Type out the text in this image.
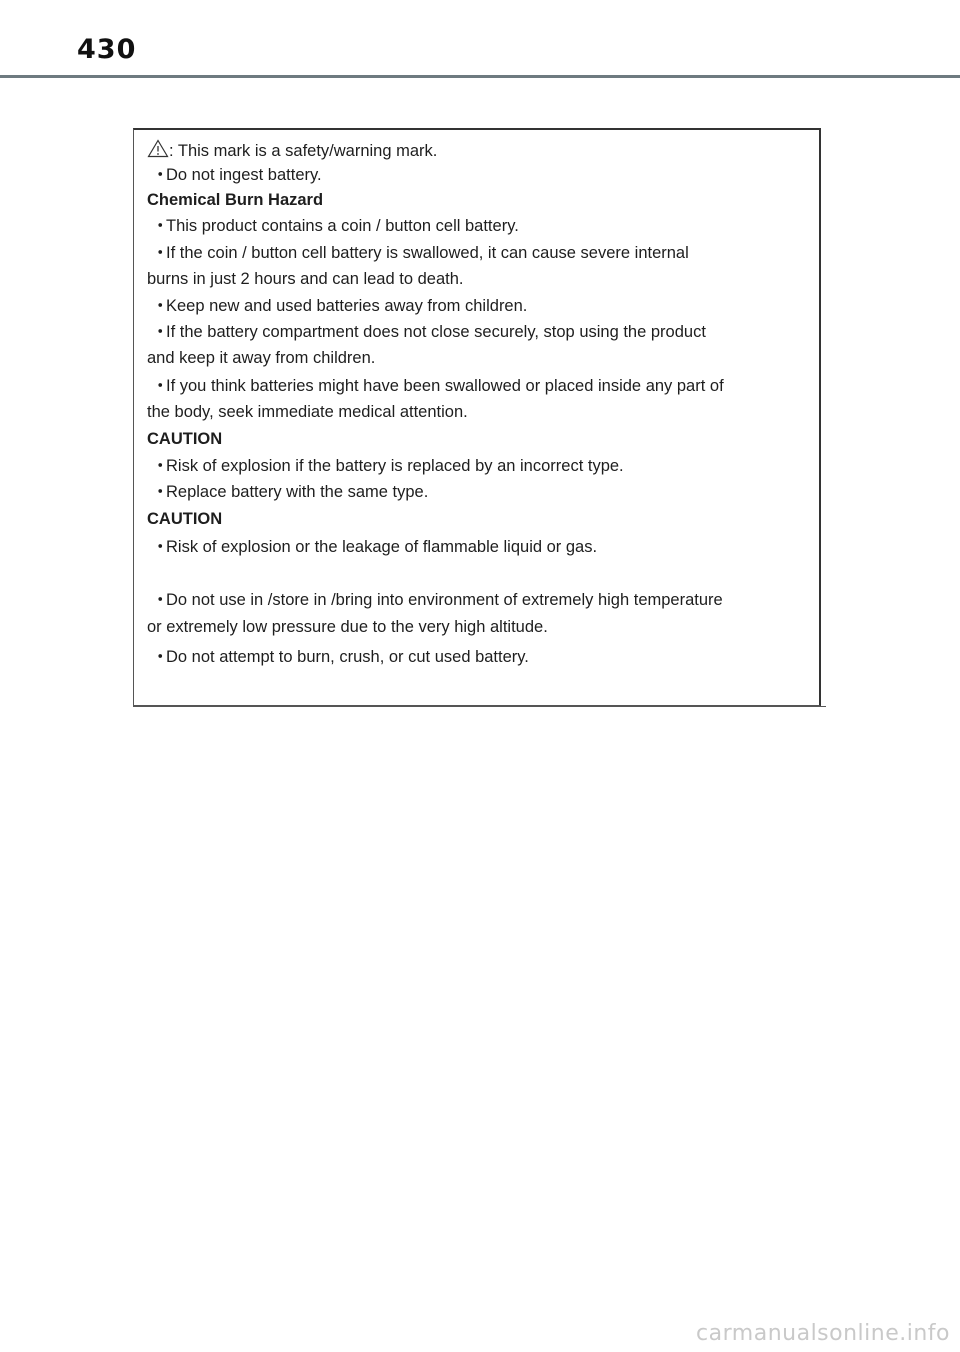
430
: This mark is a safety/warning mark.
・Do not ingest battery.
Chemical Burn Hazard
・This product contains a coin / button cell battery.
・If the coin / button cell battery is swallowed, it can cause severe internal
burns in just 2 hours and can lead to death.
・Keep new and used batteries away from children.
・If the battery compartment does not close securely, stop using the product
and keep it away from children.
・If you think batteries might have been swallowed or placed inside any part of
the body, seek immediate medical attention.
CAUTION
・Risk of explosion if the battery is replaced by an incorrect type.
・Replace battery with the same type.
CAUTION
・Risk of explosion or the leakage of flammable liquid or gas.
・Do not use in /store in /bring into environment of extremely high temperature
or extremely low pressure due to the very high altitude.
・Do not attempt to burn, crush, or cut used battery.
carmanualsonline.info
